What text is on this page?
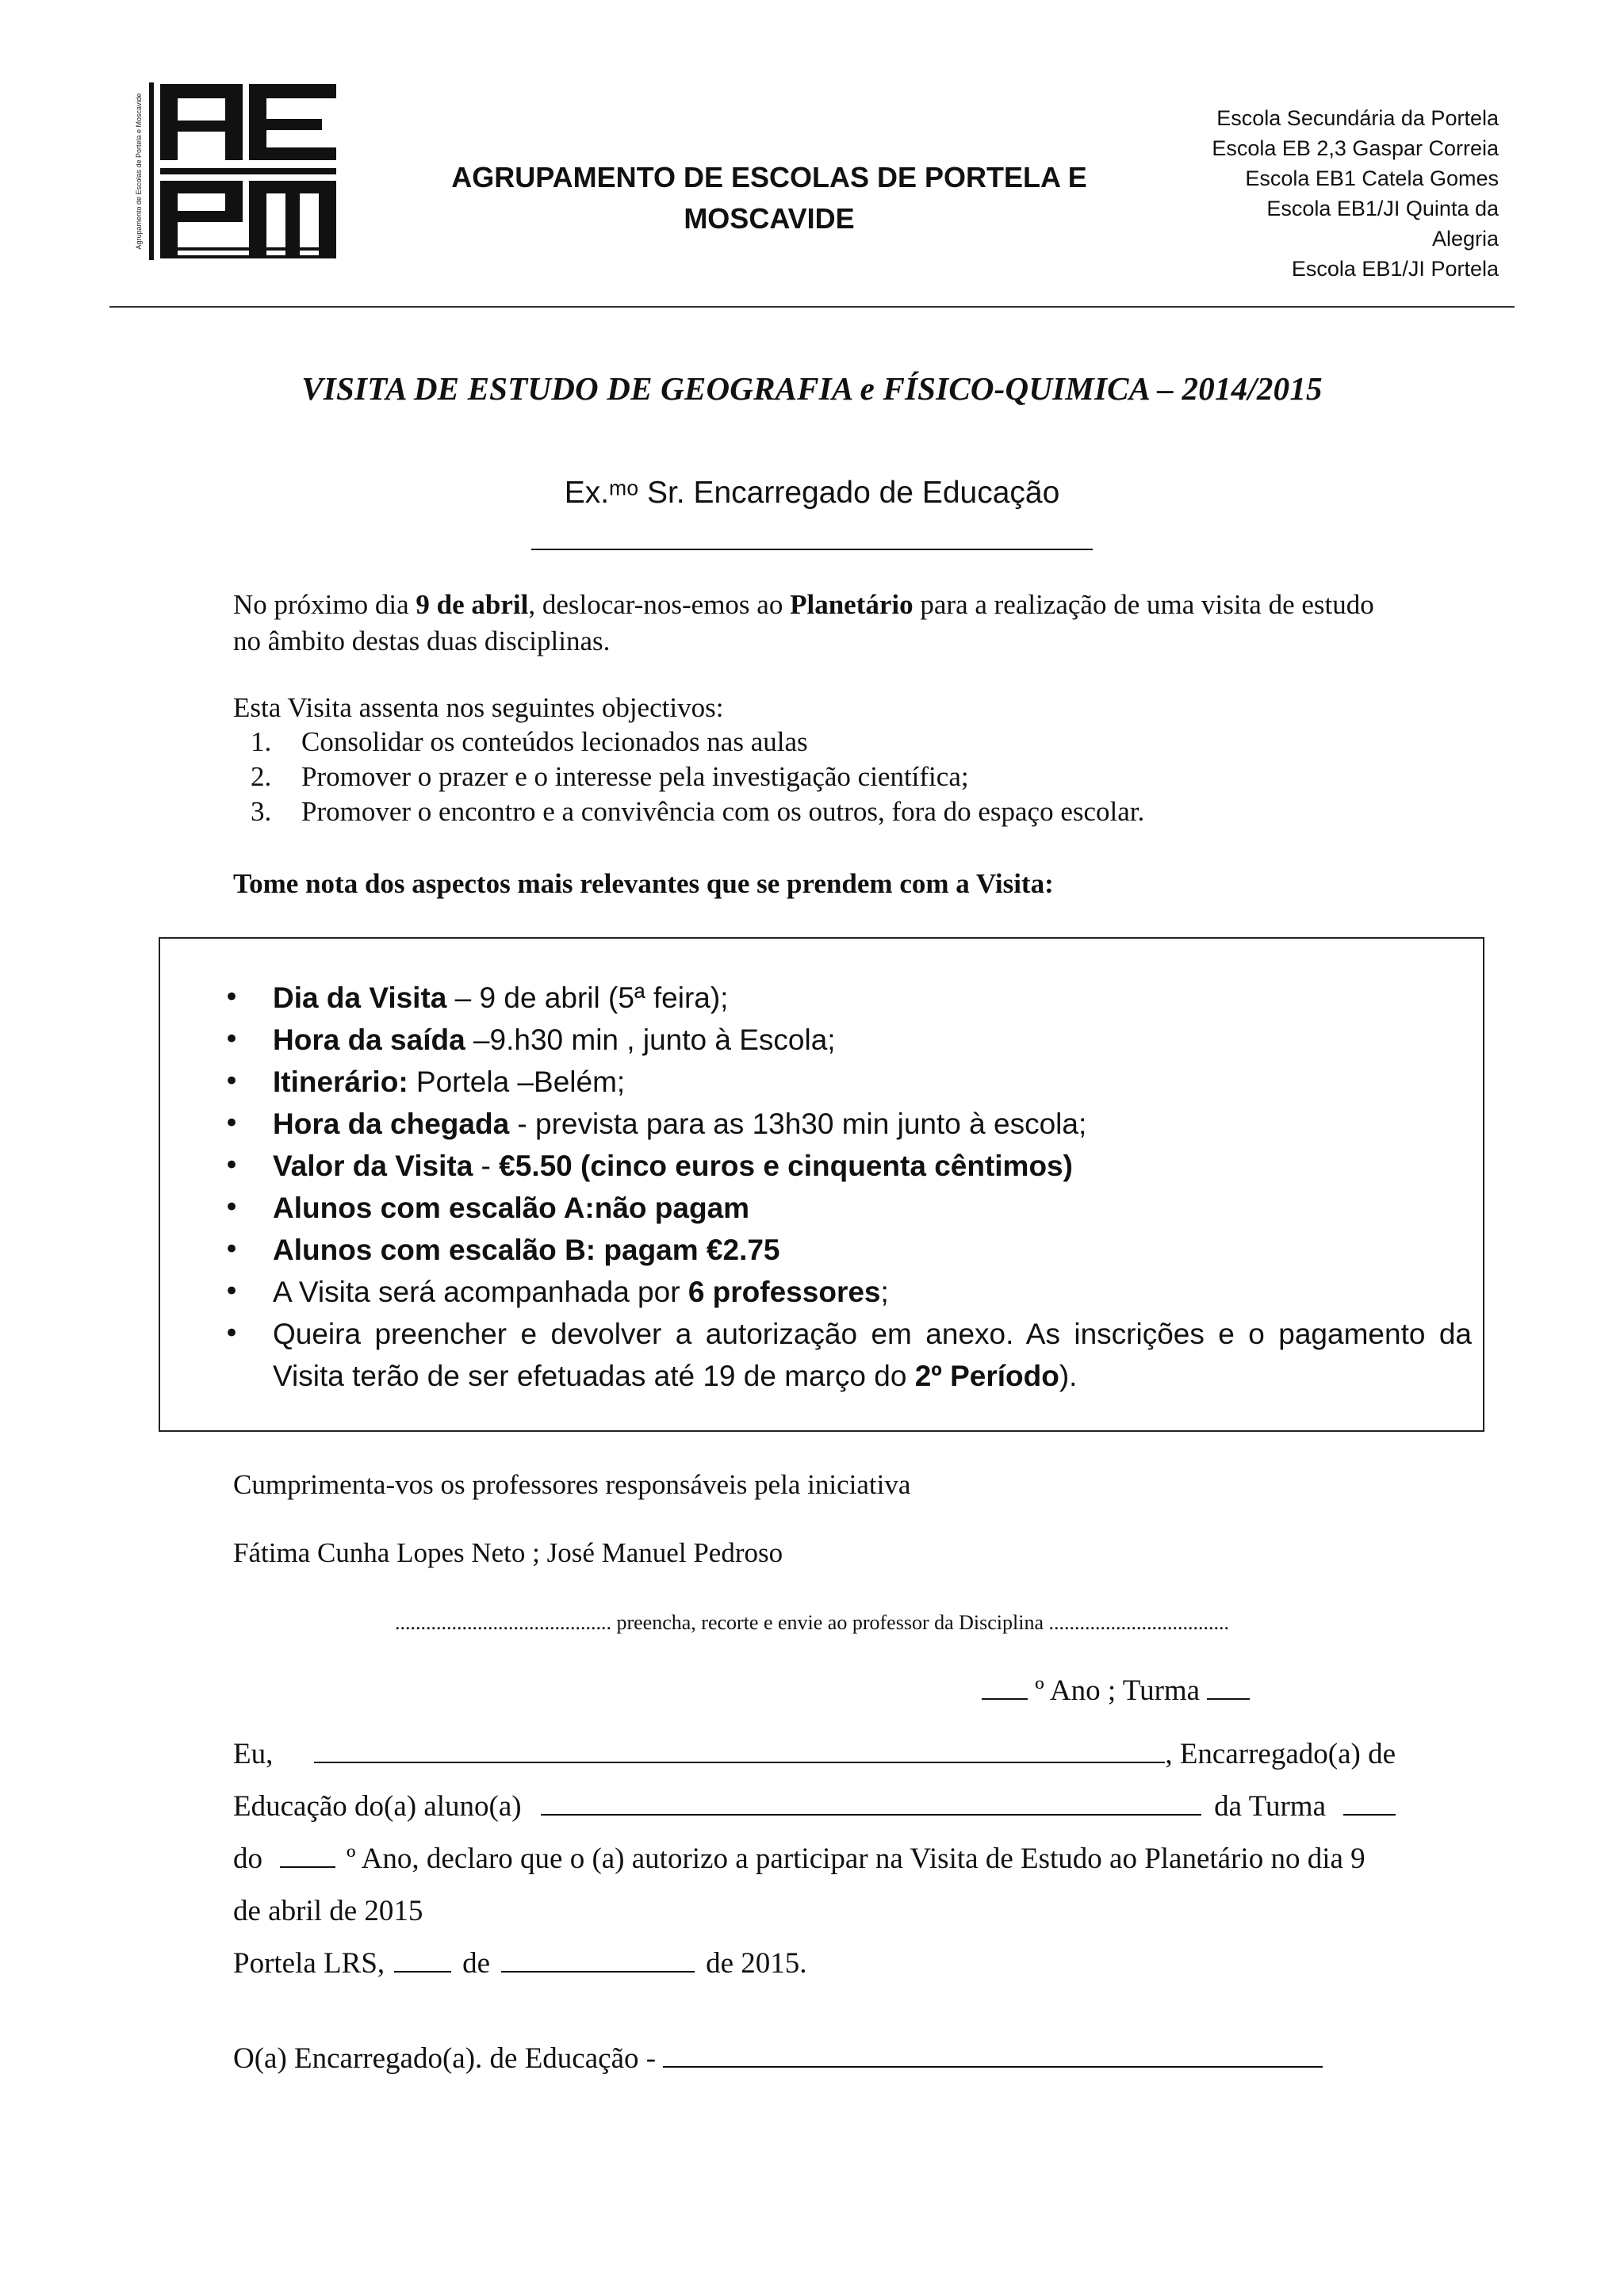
Agrupamento de Escolas de Portela e Moscavide	AGRUPAMENTO DE ESCOLAS DE PORTELA E
MOSCAVIDE
Escola Secundária da Portela
Escola EB 2,3 Gaspar Correia
Escola EB1 Catela Gomes
Escola EB1/JI Quinta da
Alegria
Escola EB1/JI Portela
VISITA DE ESTUDO DE GEOGRAFIA e FÍSICO-QUIMICA – 2014/2015
Ex.ᵐᵒ Sr. Encarregado de Educação
No próximo dia 9 de abril, deslocar-nos-emos ao Planetário para a realização de uma visita de estudo no âmbito destas duas disciplinas.
Esta Visita assenta nos seguintes objectivos:
1. Consolidar os conteúdos lecionados nas aulas
2. Promover o prazer e o interesse pela investigação científica;
3. Promover o encontro e a convivência com os outros, fora do espaço escolar.
Tome nota dos aspectos mais relevantes que se prendem com a Visita:
• Dia da Visita – 9 de abril (5ª feira);
• Hora da saída –9.h30 min , junto à Escola;
• Itinerário: Portela –Belém;
• Hora da chegada - prevista para as 13h30 min junto à escola;
• Valor da Visita - €5.50 (cinco euros e cinquenta cêntimos)
• Alunos com escalão A:não pagam
• Alunos com escalão B: pagam €2.75
• A Visita será acompanhada por 6 professores;
• Queira preencher e devolver a autorização em anexo. As inscrições e o pagamento da Visita terão de ser efetuadas até 19 de março do 2º Período).
Cumprimenta-vos os professores responsáveis pela iniciativa
Fátima Cunha Lopes Neto ; José Manuel Pedroso
.......................................... preencha, recorte e envie ao professor da Disciplina ...................................
º Ano ; Turma
Eu,	, Encarregado(a) de
Educação do(a) aluno(a)	da Turma
do	º Ano, declaro que o (a) autorizo a participar na Visita de Estudo ao Planetário no dia 9
de abril de 2015
Portela LRS,	de	de 2015.
O(a) Encarregado(a). de Educação -
